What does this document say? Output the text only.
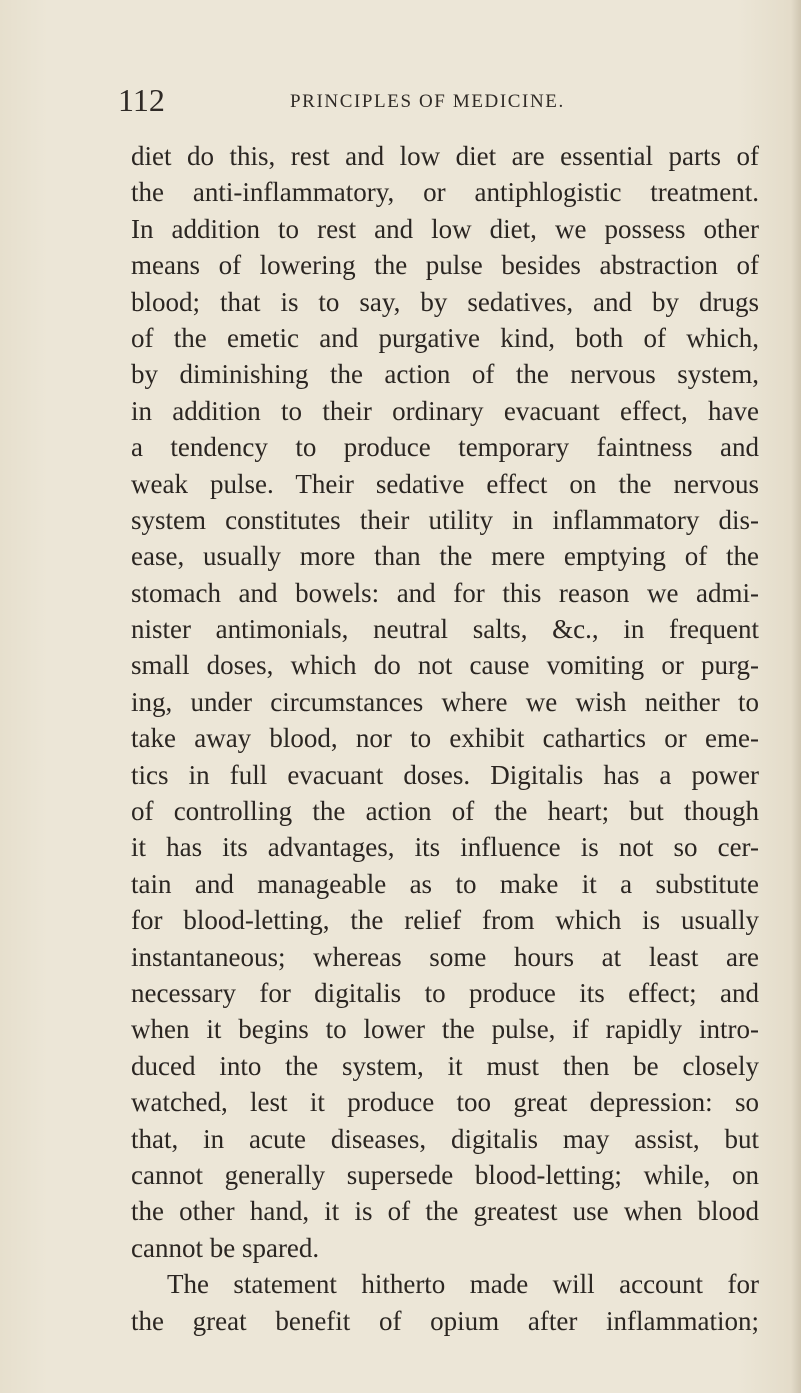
112	PRINCIPLES OF MEDICINE.
diet do this, rest and low diet are essential parts of
the anti-inflammatory, or antiphlogistic treatment.
In addition to rest and low diet, we possess other
means of lowering the pulse besides abstraction of
blood; that is to say, by sedatives, and by drugs
of the emetic and purgative kind, both of which,
by diminishing the action of the nervous system,
in addition to their ordinary evacuant effect, have
a tendency to produce temporary faintness and
weak pulse. Their sedative effect on the nervous
system constitutes their utility in inflammatory dis-
ease, usually more than the mere emptying of the
stomach and bowels: and for this reason we admi-
nister antimonials, neutral salts, &c., in frequent
small doses, which do not cause vomiting or purg-
ing, under circumstances where we wish neither to
take away blood, nor to exhibit cathartics or eme-
tics in full evacuant doses. Digitalis has a power
of controlling the action of the heart; but though
it has its advantages, its influence is not so cer-
tain and manageable as to make it a substitute
for blood-letting, the relief from which is usually
instantaneous; whereas some hours at least are
necessary for digitalis to produce its effect; and
when it begins to lower the pulse, if rapidly intro-
duced into the system, it must then be closely
watched, lest it produce too great depression: so
that, in acute diseases, digitalis may assist, but
cannot generally supersede blood-letting; while, on
the other hand, it is of the greatest use when blood
cannot be spared.
The statement hitherto made will account for
the great benefit of opium after inflammation;
